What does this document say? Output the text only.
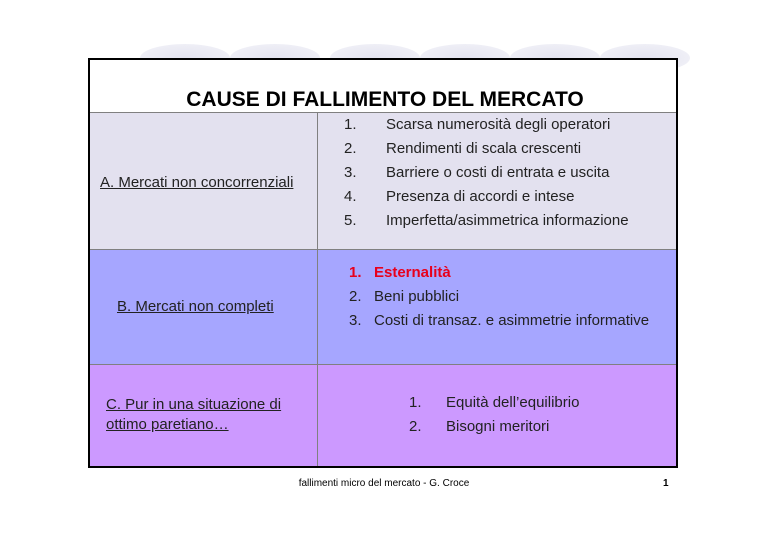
CAUSE DI FALLIMENTO DEL MERCATO
A. Mercati non concorrenziali
1. Scarsa numerosità degli operatori
2. Rendimenti di scala crescenti
3. Barriere o costi di entrata e uscita
4. Presenza di accordi e intese
5. Imperfetta/asimmetrica informazione
B. Mercati non completi
1. Esternalità
2. Beni pubblici
3. Costi di transaz. e asimmetrie informative
C. Pur in una situazione di
ottimo paretiano…
1. Equità dell’equilibrio
2. Bisogni meritori
fallimenti micro del mercato - G. Croce	1
